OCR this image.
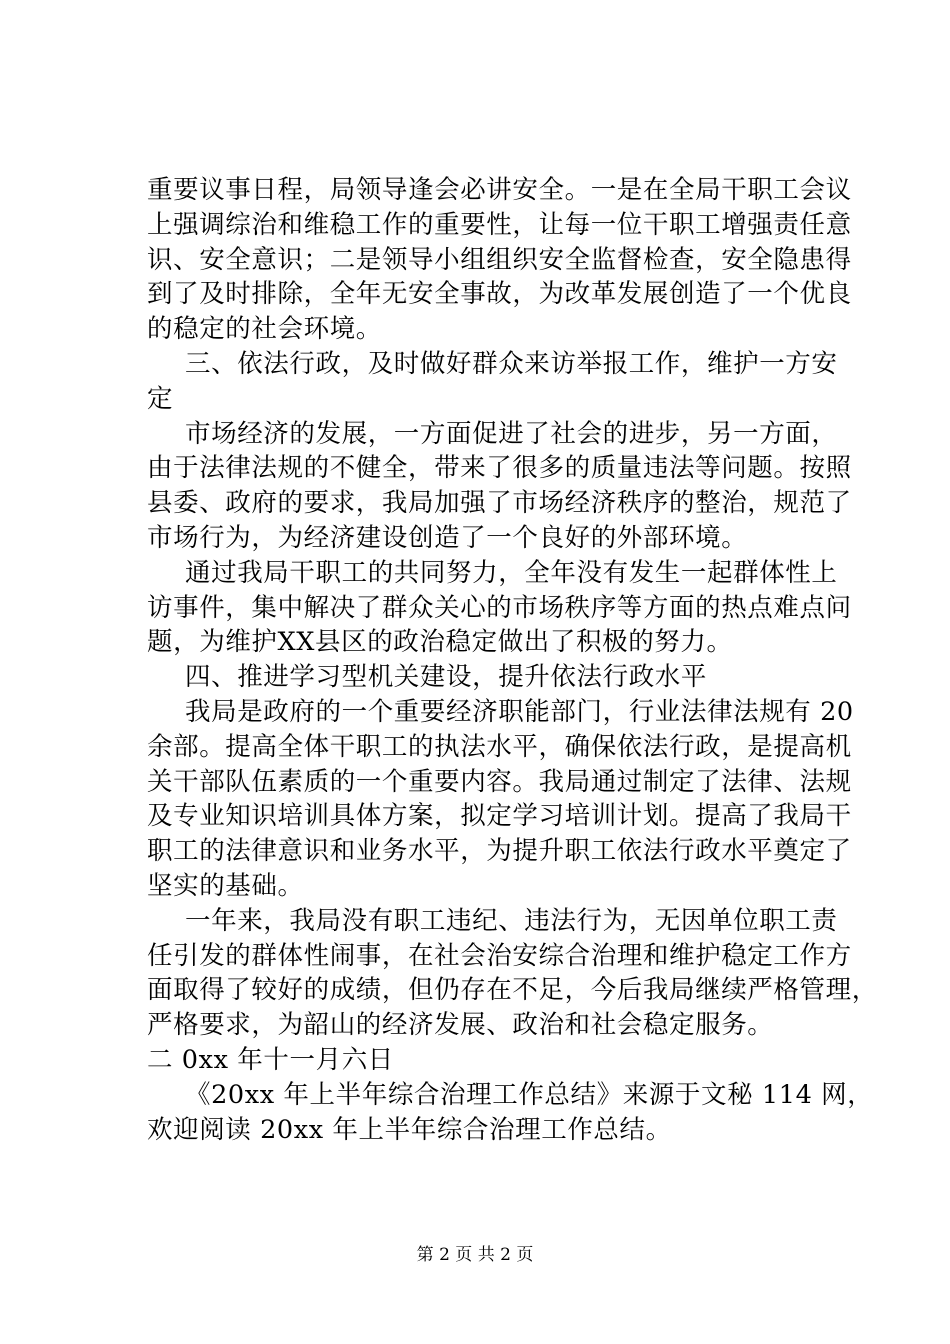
重要议事日程，局领导逢会必讲安全。一是在全局干职工会议
上强调综治和维稳工作的重要性，让每一位干职工增强责任意
识、安全意识；二是领导小组组织安全监督检查，安全隐患得
到了及时排除，全年无安全事故，为改革发展创造了一个优良
的稳定的社会环境。
三、依法行政，及时做好群众来访举报工作，维护一方安
定
市场经济的发展，一方面促进了社会的进步，另一方面，
由于法律法规的不健全，带来了很多的质量违法等问题。按照
县委、政府的要求，我局加强了市场经济秩序的整治，规范了
市场行为，为经济建设创造了一个良好的外部环境。
通过我局干职工的共同努力，全年没有发生一起群体性上
访事件，集中解决了群众关心的市场秩序等方面的热点难点问
题，为维护XX县区的政治稳定做出了积极的努力。
四、推进学习型机关建设，提升依法行政水平
我局是政府的一个重要经济职能部门，行业法律法规有 20
余部。提高全体干职工的执法水平，确保依法行政，是提高机
关干部队伍素质的一个重要内容。我局通过制定了法律、法规
及专业知识培训具体方案，拟定学习培训计划。提高了我局干
职工的法律意识和业务水平，为提升职工依法行政水平奠定了
坚实的基础。
一年来，我局没有职工违纪、违法行为，无因单位职工责
任引发的群体性闹事，在社会治安综合治理和维护稳定工作方
面取得了较好的成绩，但仍存在不足，今后我局继续严格管理，
严格要求，为韶山的经济发展、政治和社会稳定服务。
二 0xx 年十一月六日
《20xx 年上半年综合治理工作总结》来源于文秘 114 网，
欢迎阅读 20xx 年上半年综合治理工作总结。
第 2 页 共 2 页
